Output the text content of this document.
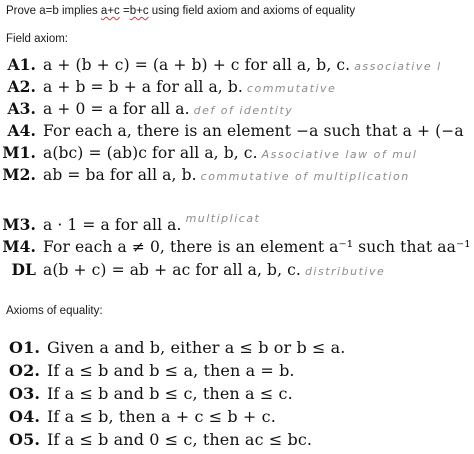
Prove a=b implies a+c =b+c using field axiom and axioms of equality
Field axiom:
A1. a + (b + c) = (a + b) + c for all a, b, c. associative l
A2. a + b = b + a for all a, b. commutative
A3. a + 0 = a for all a. def of identity
A4. For each a, there is an element −a such that a + (−a
M1. a(bc) = (ab)c for all a, b, c. Associative law of mul
M2. ab = ba for all a, b. commutative of multiplication
M3. a · 1 = a for all a. $^{multiplicat}$
M4. For each a ≠ 0, there is an element a⁻¹ such that aa⁻¹
DL a(b + c) = ab + ac for all a, b, c. distributive
Axioms of equality:
O1. Given a and b, either a ≤ b or b ≤ a.
O2. If a ≤ b and b ≤ a, then a = b.
O3. If a ≤ b and b ≤ c, then a ≤ c.
O4. If a ≤ b, then a + c ≤ b + c.
O5. If a ≤ b and 0 ≤ c, then ac ≤ bc.
